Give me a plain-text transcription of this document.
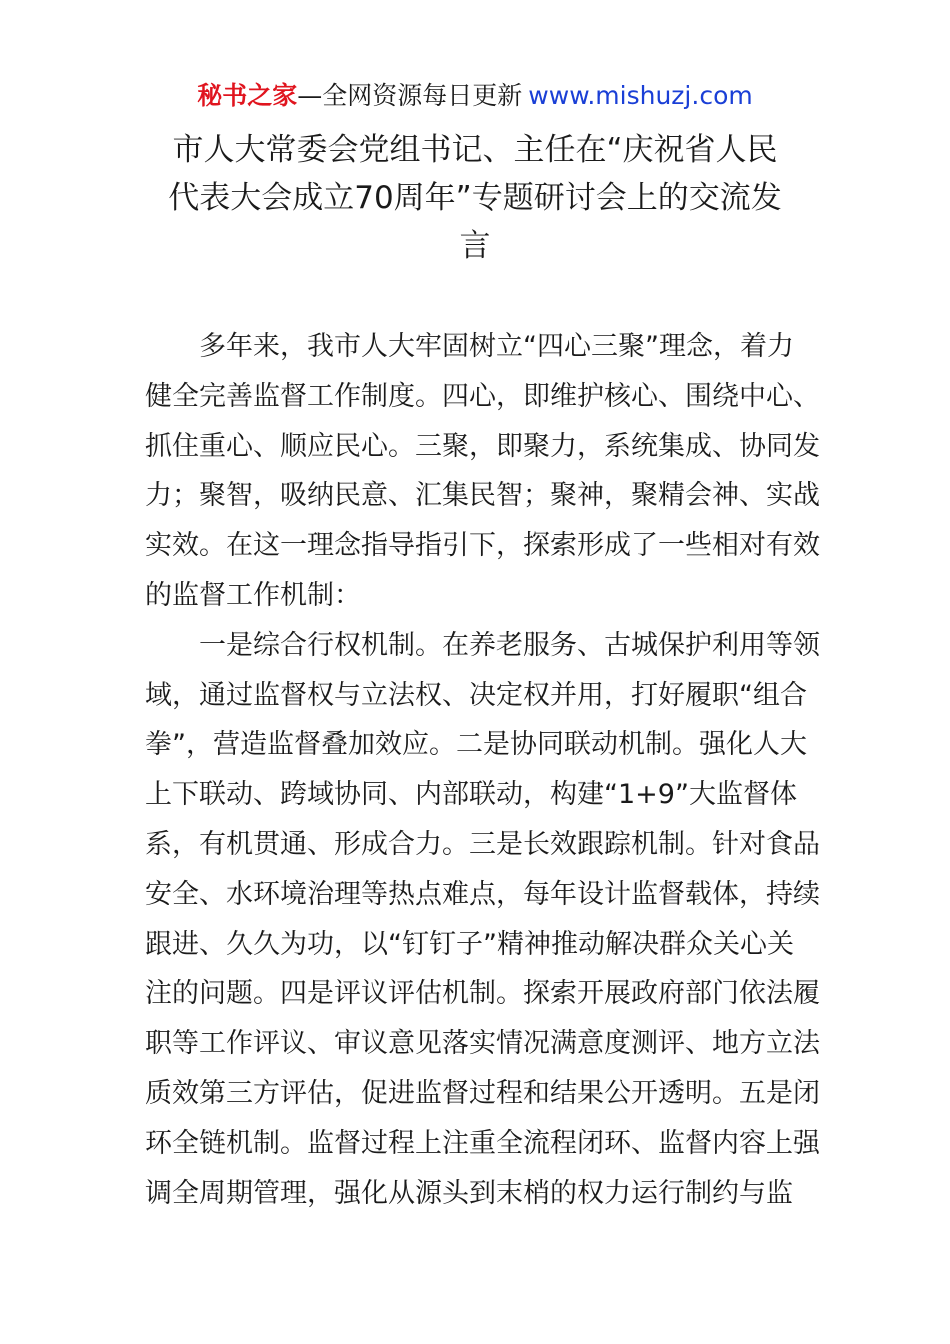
秘书之家—全网资源每日更新 www.mishuzj.com
市人大常委会党组书记、主任在“庆祝省人民
代表大会成立70周年”专题研讨会上的交流发
言
　　多年来，我市人大牢固树立“四心三聚”理念，着力
健全完善监督工作制度。四心，即维护核心、围绕中心、
抓住重心、顺应民心。三聚，即聚力，系统集成、协同发
力；聚智，吸纳民意、汇集民智；聚神，聚精会神、实战
实效。在这一理念指导指引下，探索形成了一些相对有效
的监督工作机制：
　　一是综合行权机制。在养老服务、古城保护利用等领
域，通过监督权与立法权、决定权并用，打好履职“组合
拳”，营造监督叠加效应。二是协同联动机制。强化人大
上下联动、跨域协同、内部联动，构建“1+9”大监督体
系，有机贯通、形成合力。三是长效跟踪机制。针对食品
安全、水环境治理等热点难点，每年设计监督载体，持续
跟进、久久为功，以“钉钉子”精神推动解决群众关心关
注的问题。四是评议评估机制。探索开展政府部门依法履
职等工作评议、审议意见落实情况满意度测评、地方立法
质效第三方评估，促进监督过程和结果公开透明。五是闭
环全链机制。监督过程上注重全流程闭环、监督内容上强
调全周期管理，强化从源头到末梢的权力运行制约与监
